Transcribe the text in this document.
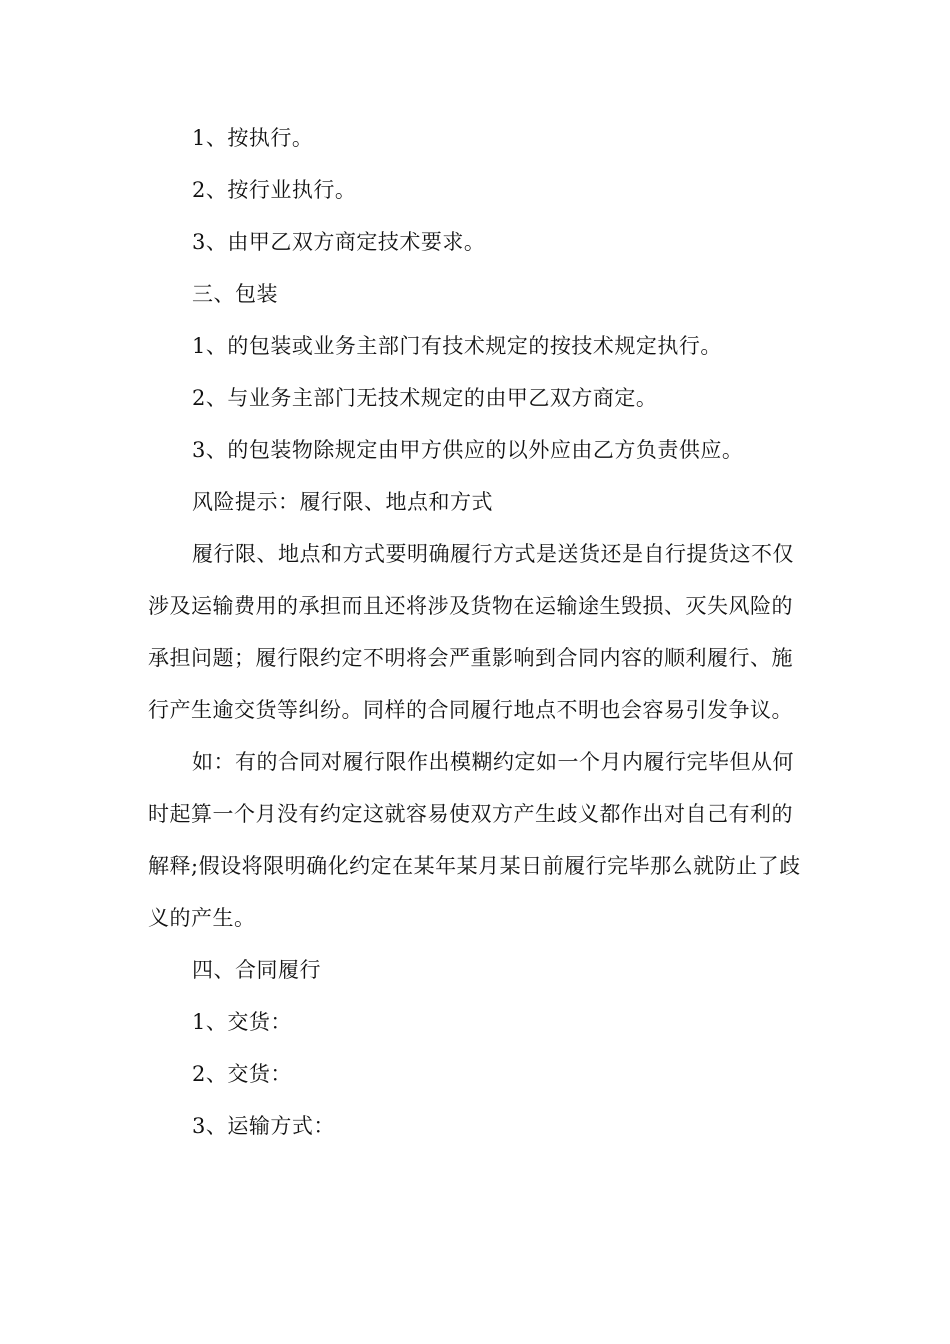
1、按执行。

2、按行业执行。

3、由甲乙双方商定技术要求。

三、包装

1、的包装或业务主部门有技术规定的按技术规定执行。

2、与业务主部门无技术规定的由甲乙双方商定。

3、的包装物除规定由甲方供应的以外应由乙方负责供应。

风险提示：履行限、地点和方式

履行限、地点和方式要明确履行方式是送货还是自行提货这不仅涉及运输费用的承担而且还将涉及货物在运输途生毁损、灭失风险的承担问题；履行限约定不明将会严重影响到合同内容的顺利履行、施行产生逾交货等纠纷。同样的合同履行地点不明也会容易引发争议。

如：有的合同对履行限作出模糊约定如一个月内履行完毕但从何时起算一个月没有约定这就容易使双方产生歧义都作出对自己有利的解释;假设将限明确化约定在某年某月某日前履行完毕那么就防止了歧义的产生。

四、合同履行

1、交货：

2、交货：

3、运输方式：
